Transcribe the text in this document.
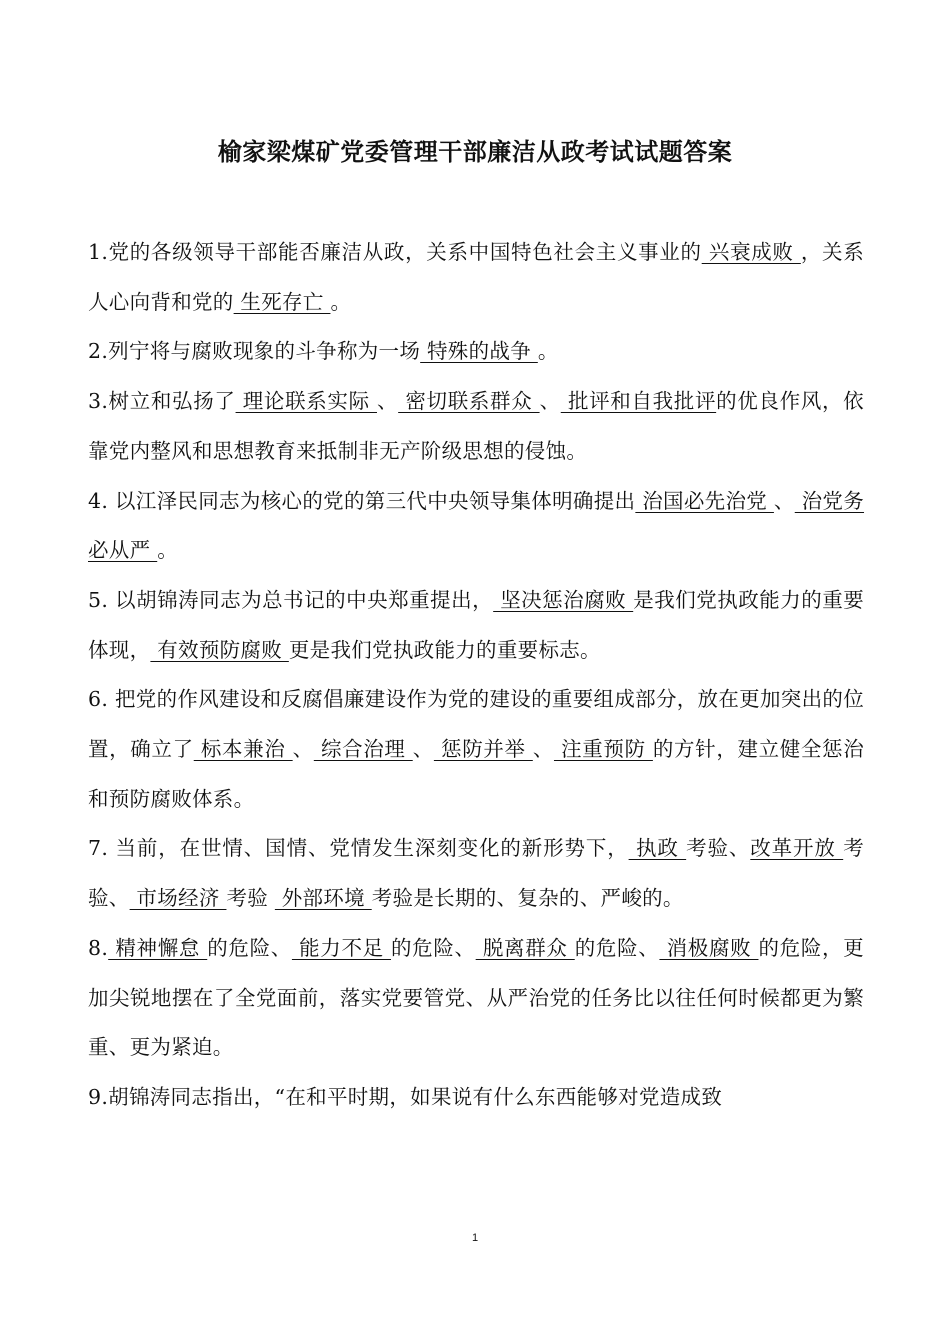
榆家梁煤矿党委管理干部廉洁从政考试试题答案

1.党的各级领导干部能否廉洁从政，关系中国特色社会主义事业的 兴衰成败 ，关系人心向背和党的 生死存亡 。

2.列宁将与腐败现象的斗争称为一场 特殊的战争 。

3.树立和弘扬了 理论联系实际 、 密切联系群众 、 批评和自我批评的优良作风，依靠党内整风和思想教育来抵制非无产阶级思想的侵蚀。

4. 以江泽民同志为核心的党的第三代中央领导集体明确提出 治国必先治党 、 治党务必从严 。

5. 以胡锦涛同志为总书记的中央郑重提出， 坚决惩治腐败 是我们党执政能力的重要体现， 有效预防腐败 更是我们党执政能力的重要标志。

6. 把党的作风建设和反腐倡廉建设作为党的建设的重要组成部分，放在更加突出的位置，确立了 标本兼治 、 综合治理 、 惩防并举 、 注重预防 的方针，建立健全惩治和预防腐败体系。

7. 当前，在世情、国情、党情发生深刻变化的新形势下， 执政 考验、改革开放 考验、 市场经济 考验  外部环境 考验是长期的、复杂的、严峻的。

8. 精神懈怠 的危险、 能力不足 的危险、 脱离群众 的危险、 消极腐败 的危险，更加尖锐地摆在了全党面前，落实党要管党、从严治党的任务比以往任何时候都更为繁重、更为紧迫。

9.胡锦涛同志指出，“在和平时期，如果说有什么东西能够对党造成致

1
